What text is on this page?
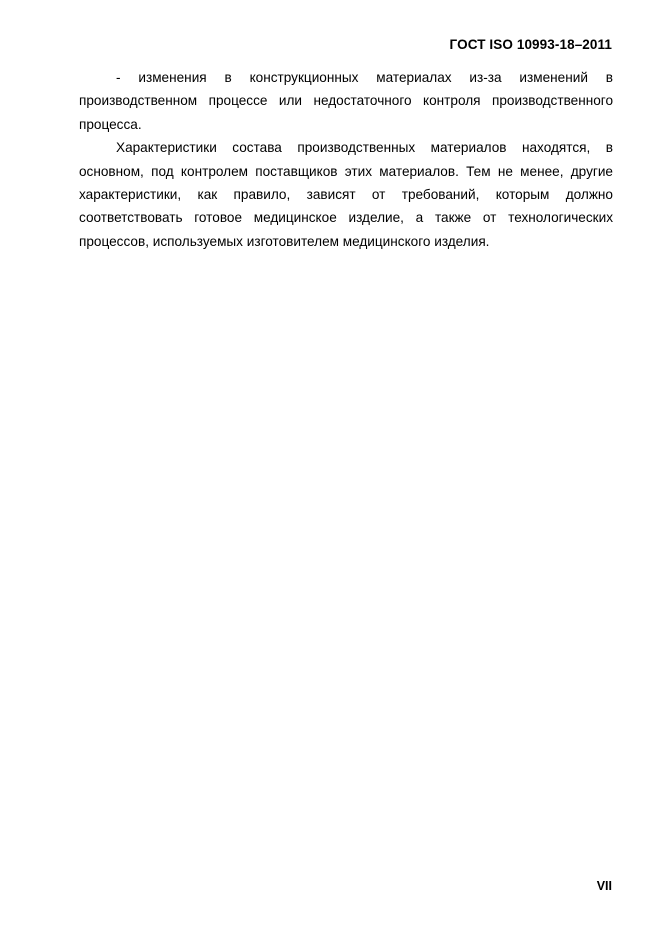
ГОСТ ISO 10993-18–2011

- изменения в конструкционных материалах из-за изменений в производственном процессе или недостаточного контроля производственного процесса.

Характеристики состава производственных материалов находятся, в основном, под контролем поставщиков этих материалов. Тем не менее, другие характеристики, как правило, зависят от требований, которым должно соответствовать готовое медицинское изделие, а также от технологических процессов, используемых изготовителем медицинского изделия.

VII
